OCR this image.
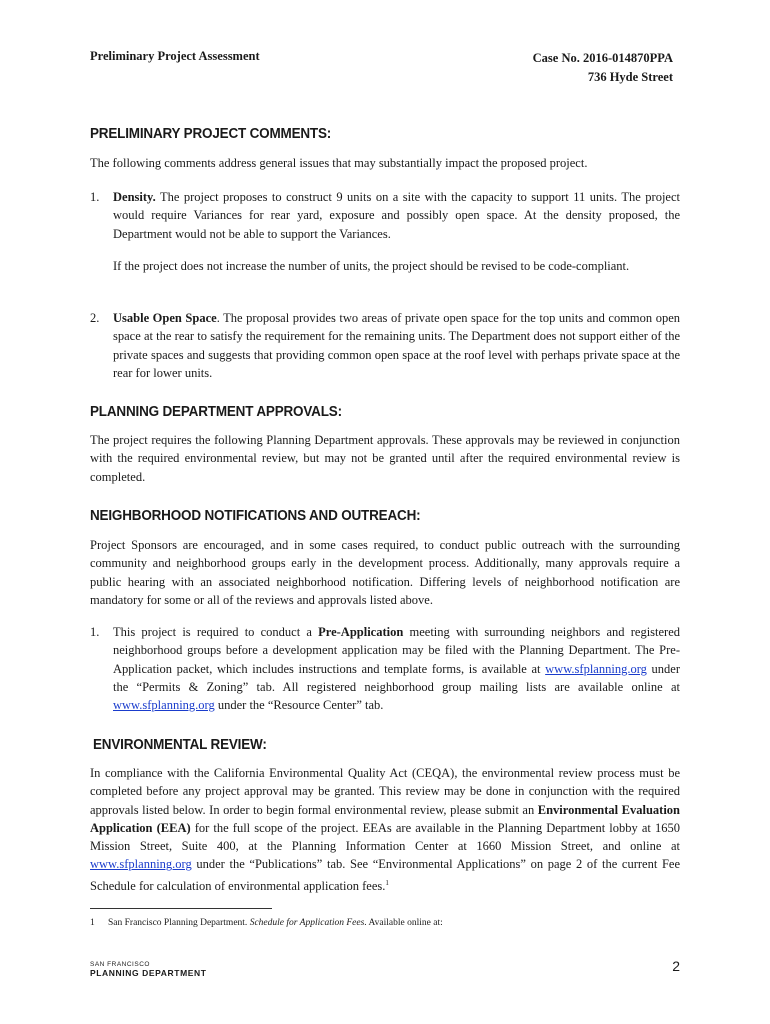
Preliminary Project Assessment	Case No. 2016-014870PPA
736 Hyde Street
PRELIMINARY PROJECT COMMENTS:

The following comments address general issues that may substantially impact the proposed project.

1. Density. The project proposes to construct 9 units on a site with the capacity to support 11 units. The project would require Variances for rear yard, exposure and possibly open space. At the density proposed, the Department would not be able to support the Variances.

If the project does not increase the number of units, the project should be revised to be code-compliant.

2. Usable Open Space. The proposal provides two areas of private open space for the top units and common open space at the rear to satisfy the requirement for the remaining units. The Department does not support either of the private spaces and suggests that providing common open space at the roof level with perhaps private space at the rear for lower units.

PLANNING DEPARTMENT APPROVALS:

The project requires the following Planning Department approvals. These approvals may be reviewed in conjunction with the required environmental review, but may not be granted until after the required environmental review is completed.

NEIGHBORHOOD NOTIFICATIONS AND OUTREACH:

Project Sponsors are encouraged, and in some cases required, to conduct public outreach with the surrounding community and neighborhood groups early in the development process. Additionally, many approvals require a public hearing with an associated neighborhood notification. Differing levels of neighborhood notification are mandatory for some or all of the reviews and approvals listed above.

1. This project is required to conduct a Pre-Application meeting with surrounding neighbors and registered neighborhood groups before a development application may be filed with the Planning Department. The Pre-Application packet, which includes instructions and template forms, is available at www.sfplanning.org under the “Permits & Zoning” tab. All registered neighborhood group mailing lists are available online at www.sfplanning.org under the “Resource Center” tab.

ENVIRONMENTAL REVIEW:

In compliance with the California Environmental Quality Act (CEQA), the environmental review process must be completed before any project approval may be granted. This review may be done in conjunction with the required approvals listed below. In order to begin formal environmental review, please submit an Environmental Evaluation Application (EEA) for the full scope of the project. EEAs are available in the Planning Department lobby at 1650 Mission Street, Suite 400, at the Planning Information Center at 1660 Mission Street, and online at www.sfplanning.org under the “Publications” tab. See “Environmental Applications” on page 2 of the current Fee Schedule for calculation of environmental application fees.$^1$

1 San Francisco Planning Department. Schedule for Application Fees. Available online at:
SAN FRANCISCO
PLANNING DEPARTMENT	2
